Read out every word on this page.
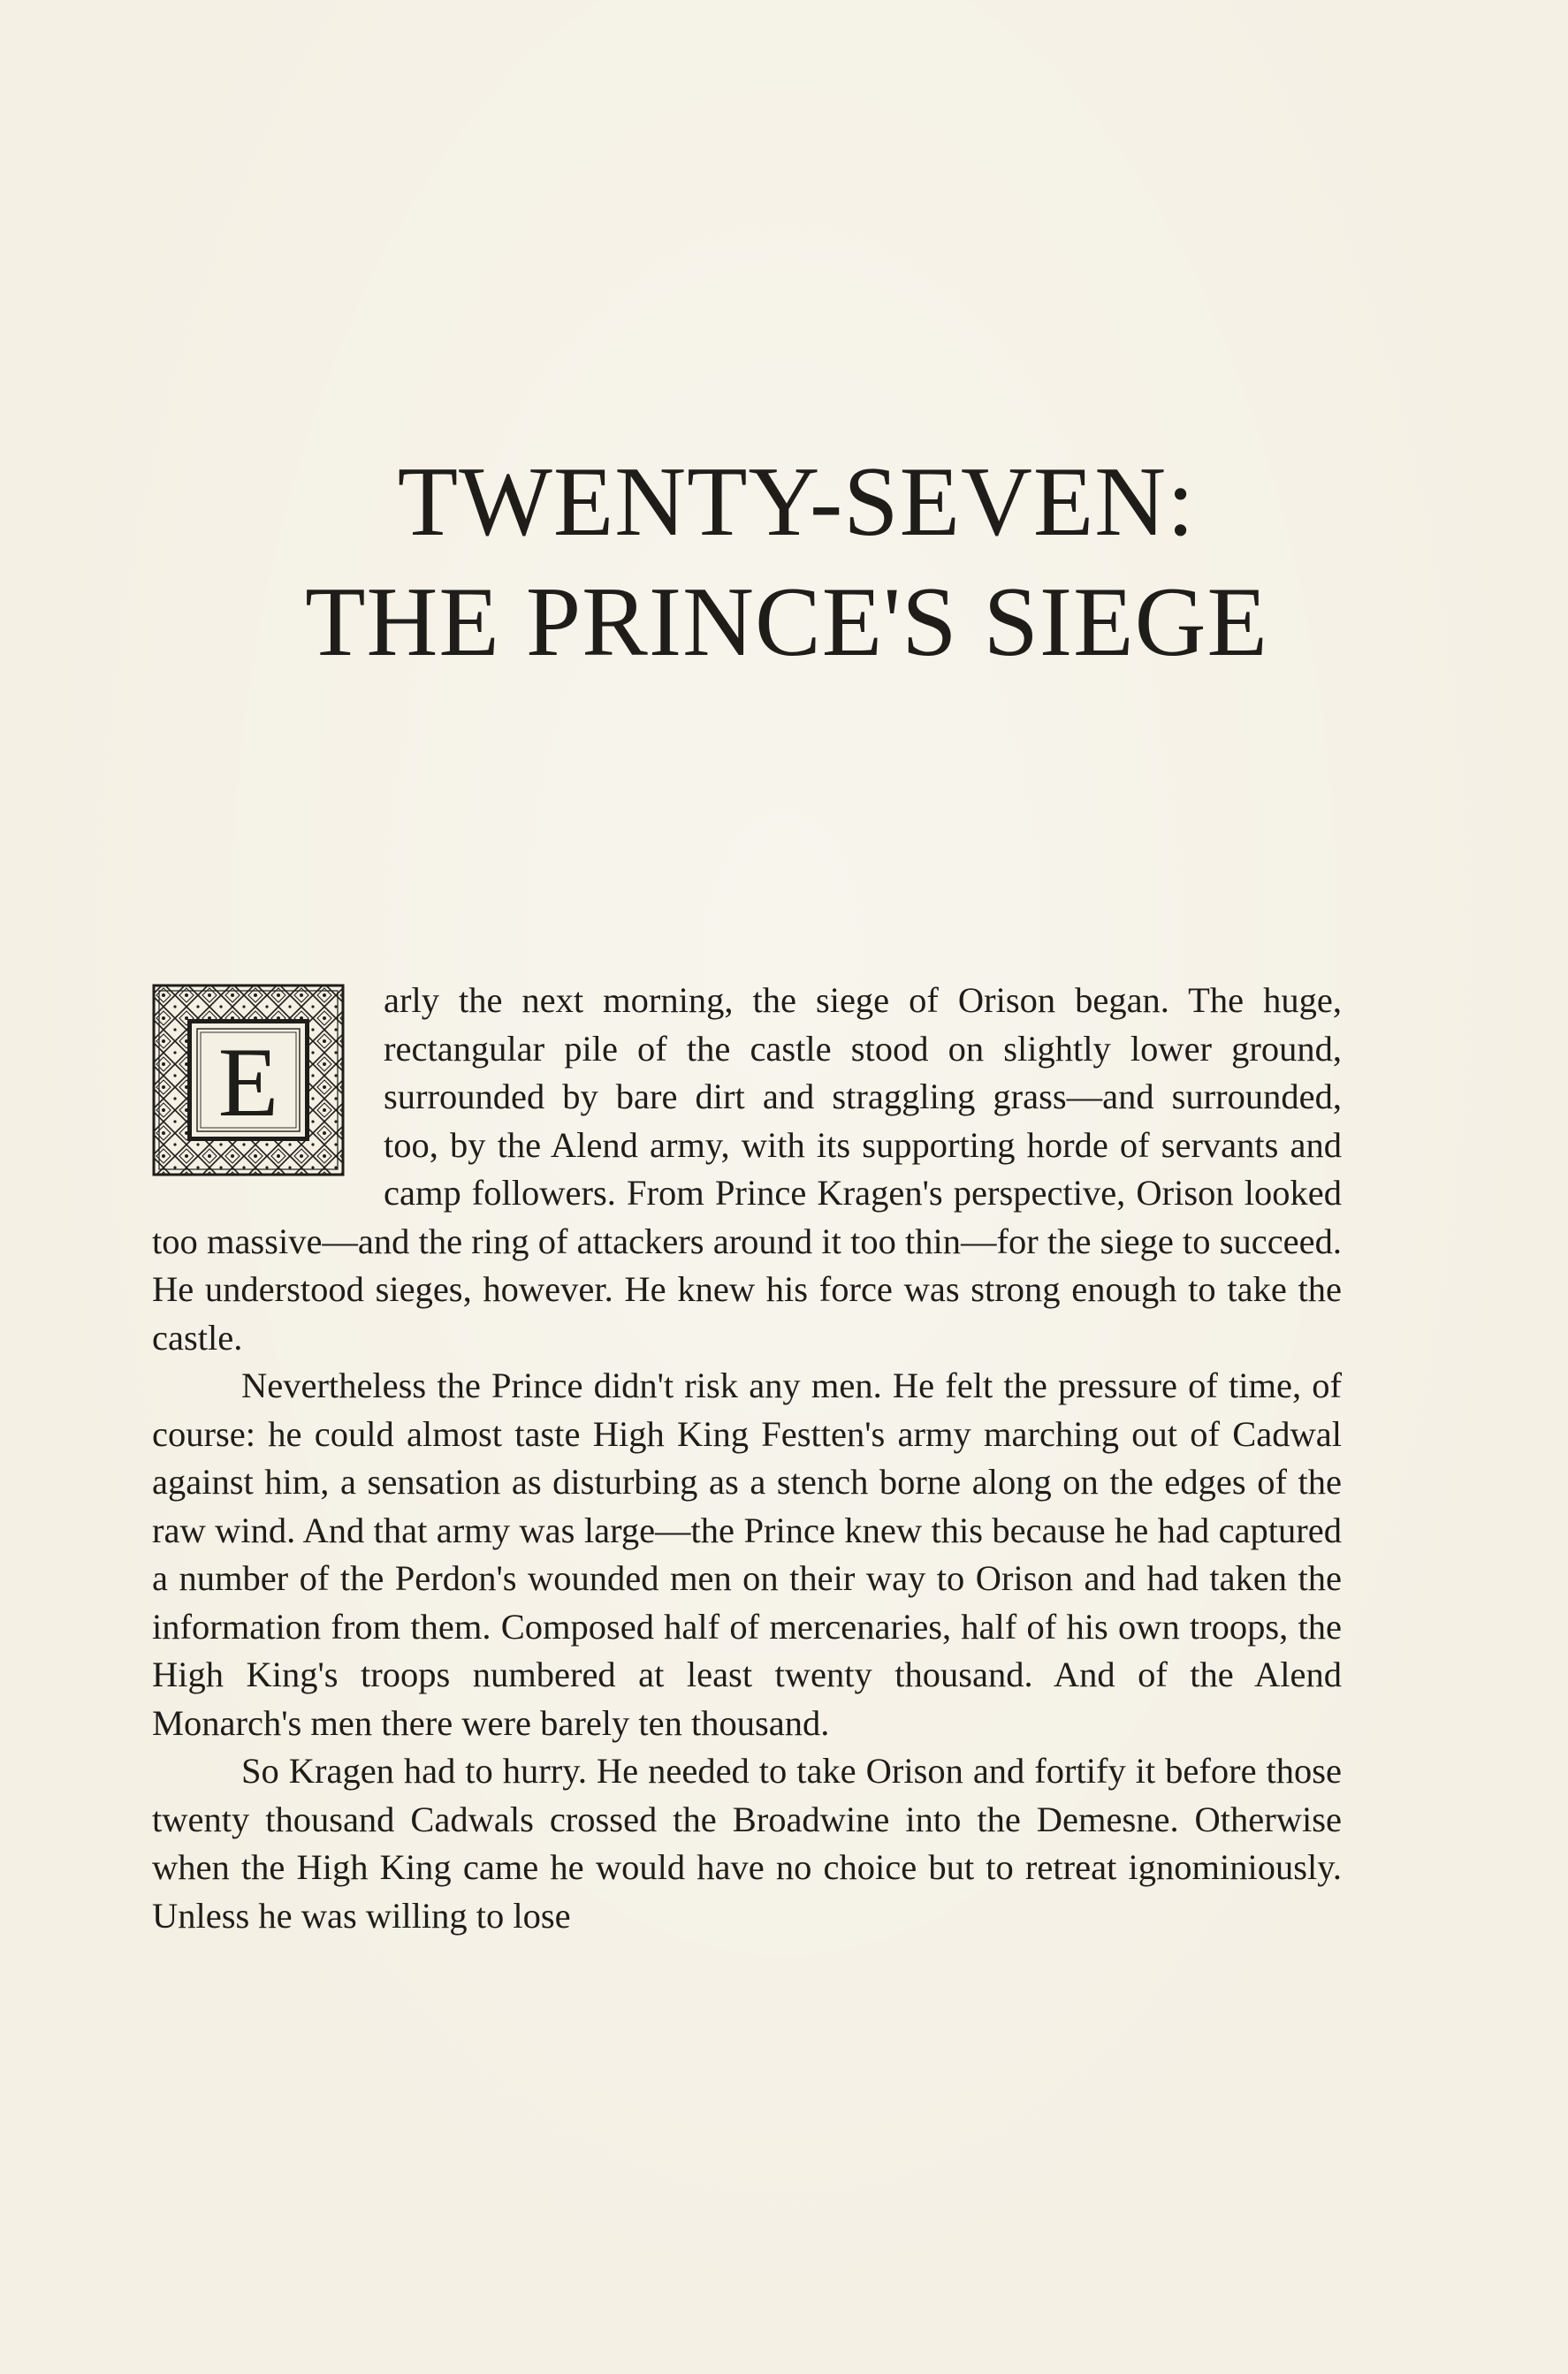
TWENTY-SEVEN:
THE PRINCE'S SIEGE

E
arly the next morning, the siege of Orison began. The huge, rectangular pile of the castle stood on slightly lower ground, surrounded by bare dirt and straggling grass—and surrounded, too, by the Alend army, with its supporting horde of servants and camp followers. From Prince Kragen's perspective, Orison looked too massive—and the ring of attackers around it too thin—for the siege to succeed. He understood sieges, however. He knew his force was strong enough to take the castle.

Nevertheless the Prince didn't risk any men. He felt the pressure of time, of course: he could almost taste High King Festten's army marching out of Cadwal against him, a sensation as disturbing as a stench borne along on the edges of the raw wind. And that army was large—the Prince knew this because he had captured a number of the Perdon's wounded men on their way to Orison and had taken the information from them. Composed half of mercenaries, half of his own troops, the High King's troops numbered at least twenty thousand. And of the Alend Monarch's men there were barely ten thousand.

So Kragen had to hurry. He needed to take Orison and fortify it before those twenty thousand Cadwals crossed the Broadwine into the Demesne. Otherwise when the High King came he would have no choice but to retreat ignominiously. Unless he was willing to lose
